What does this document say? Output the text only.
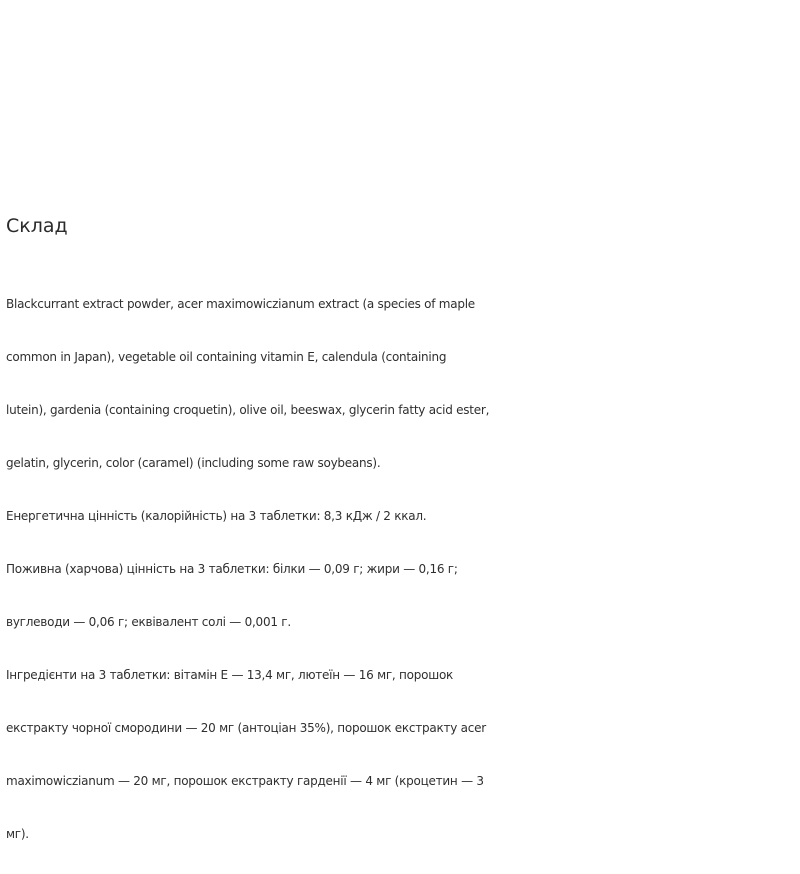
Склад

Blackcurrant extract powder, acer maximowiczianum extract (a species of maple

common in Japan), vegetable oil containing vitamin E, calendula (containing

lutein), gardenia (containing croquetin), olive oil, beeswax, glycerin fatty acid ester,

gelatin, glycerin, color (caramel) (including some raw soybeans).

Енергетична цінність (калорійність) на 3 таблетки: 8,3 кДж / 2 ккал.

Поживна (харчова) цінність на 3 таблетки: білки — 0,09 г; жири — 0,16 г;

вуглеводи — 0,06 г; еквівалент солі — 0,001 г.

Інгредієнти на 3 таблетки: вітамін Е — 13,4 мг, лютеїн — 16 мг, порошок

екстракту чорної смородини — 20 мг (антоціан 35%), порошок екстракту acer

maximowiczianum — 20 мг, порошок екстракту гарденії — 4 мг (кроцетин — 3

мг).
